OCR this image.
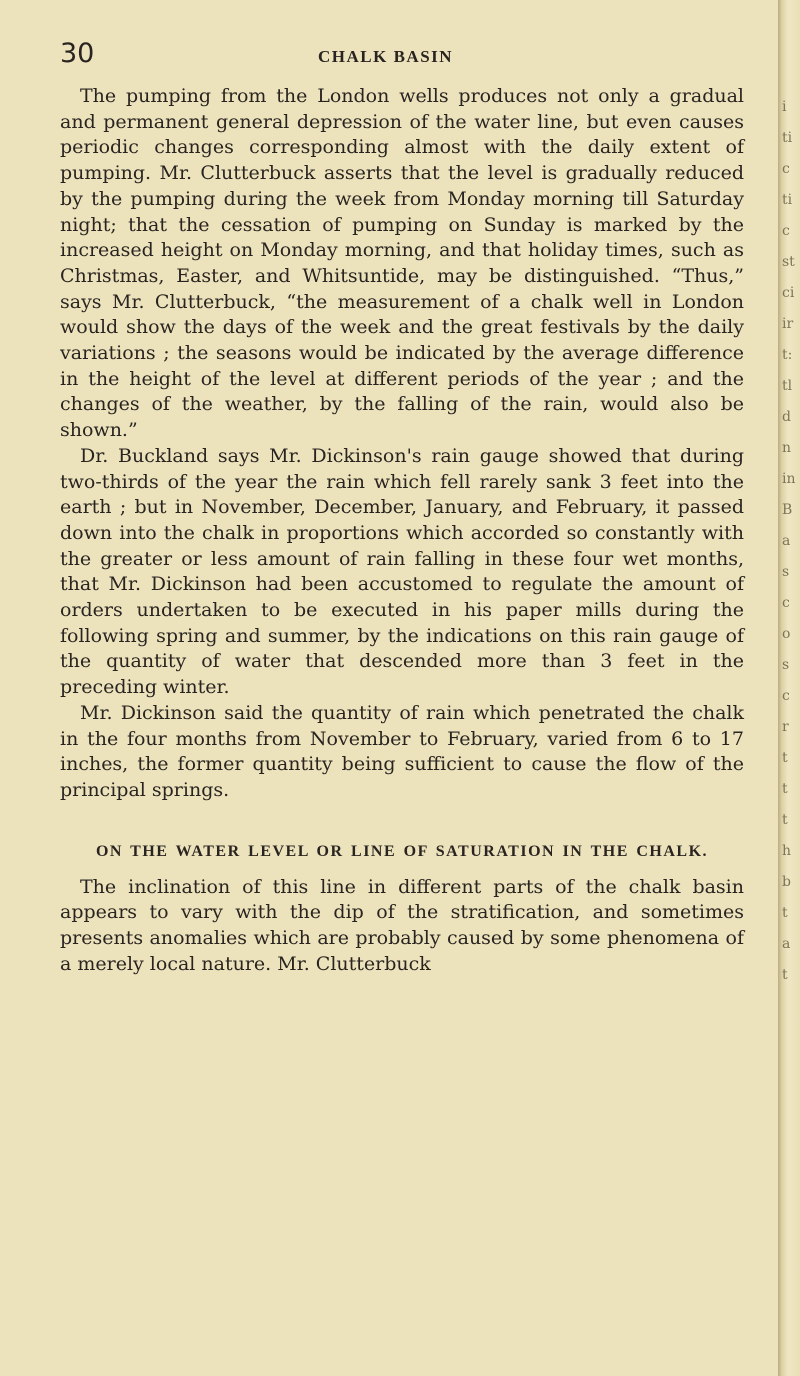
30	CHALK BASIN

The pumping from the London wells produces not only a gradual and permanent general depression of the water line, but even causes periodic changes corresponding almost with the daily extent of pumping. Mr. Clutterbuck asserts that the level is gradually reduced by the pumping during the week from Monday morning till Saturday night; that the cessation of pumping on Sunday is marked by the increased height on Monday morning, and that holiday times, such as Christmas, Easter, and Whitsuntide, may be distinguished. “Thus,” says Mr. Clutterbuck, “the measurement of a chalk well in London would show the days of the week and the great festivals by the daily variations ; the seasons would be indicated by the average difference in the height of the level at different periods of the year ; and the changes of the weather, by the falling of the rain, would also be shown.”

Dr. Buckland says Mr. Dickinson's rain gauge showed that during two-thirds of the year the rain which fell rarely sank 3 feet into the earth ; but in November, December, January, and February, it passed down into the chalk in proportions which accorded so constantly with the greater or less amount of rain falling in these four wet months, that Mr. Dickinson had been accustomed to regulate the amount of orders undertaken to be executed in his paper mills during the following spring and summer, by the indications on this rain gauge of the quantity of water that descended more than 3 feet in the preceding winter.

Mr. Dickinson said the quantity of rain which penetrated the chalk in the four months from November to February, varied from 6 to 17 inches, the former quantity being sufficient to cause the flow of the principal springs.

ON THE WATER LEVEL OR LINE OF SATURATION IN THE CHALK.

The inclination of this line in different parts of the chalk basin appears to vary with the dip of the stratification, and sometimes presents anomalies which are probably caused by some phenomena of a merely local nature. Mr. Clutterbuck

i
ti
c
ti
c
st
ci
ir
t:
tl
d
n
in
B
a
s
c
o
s
c
r
t
t
t
h
b
t
a
t
